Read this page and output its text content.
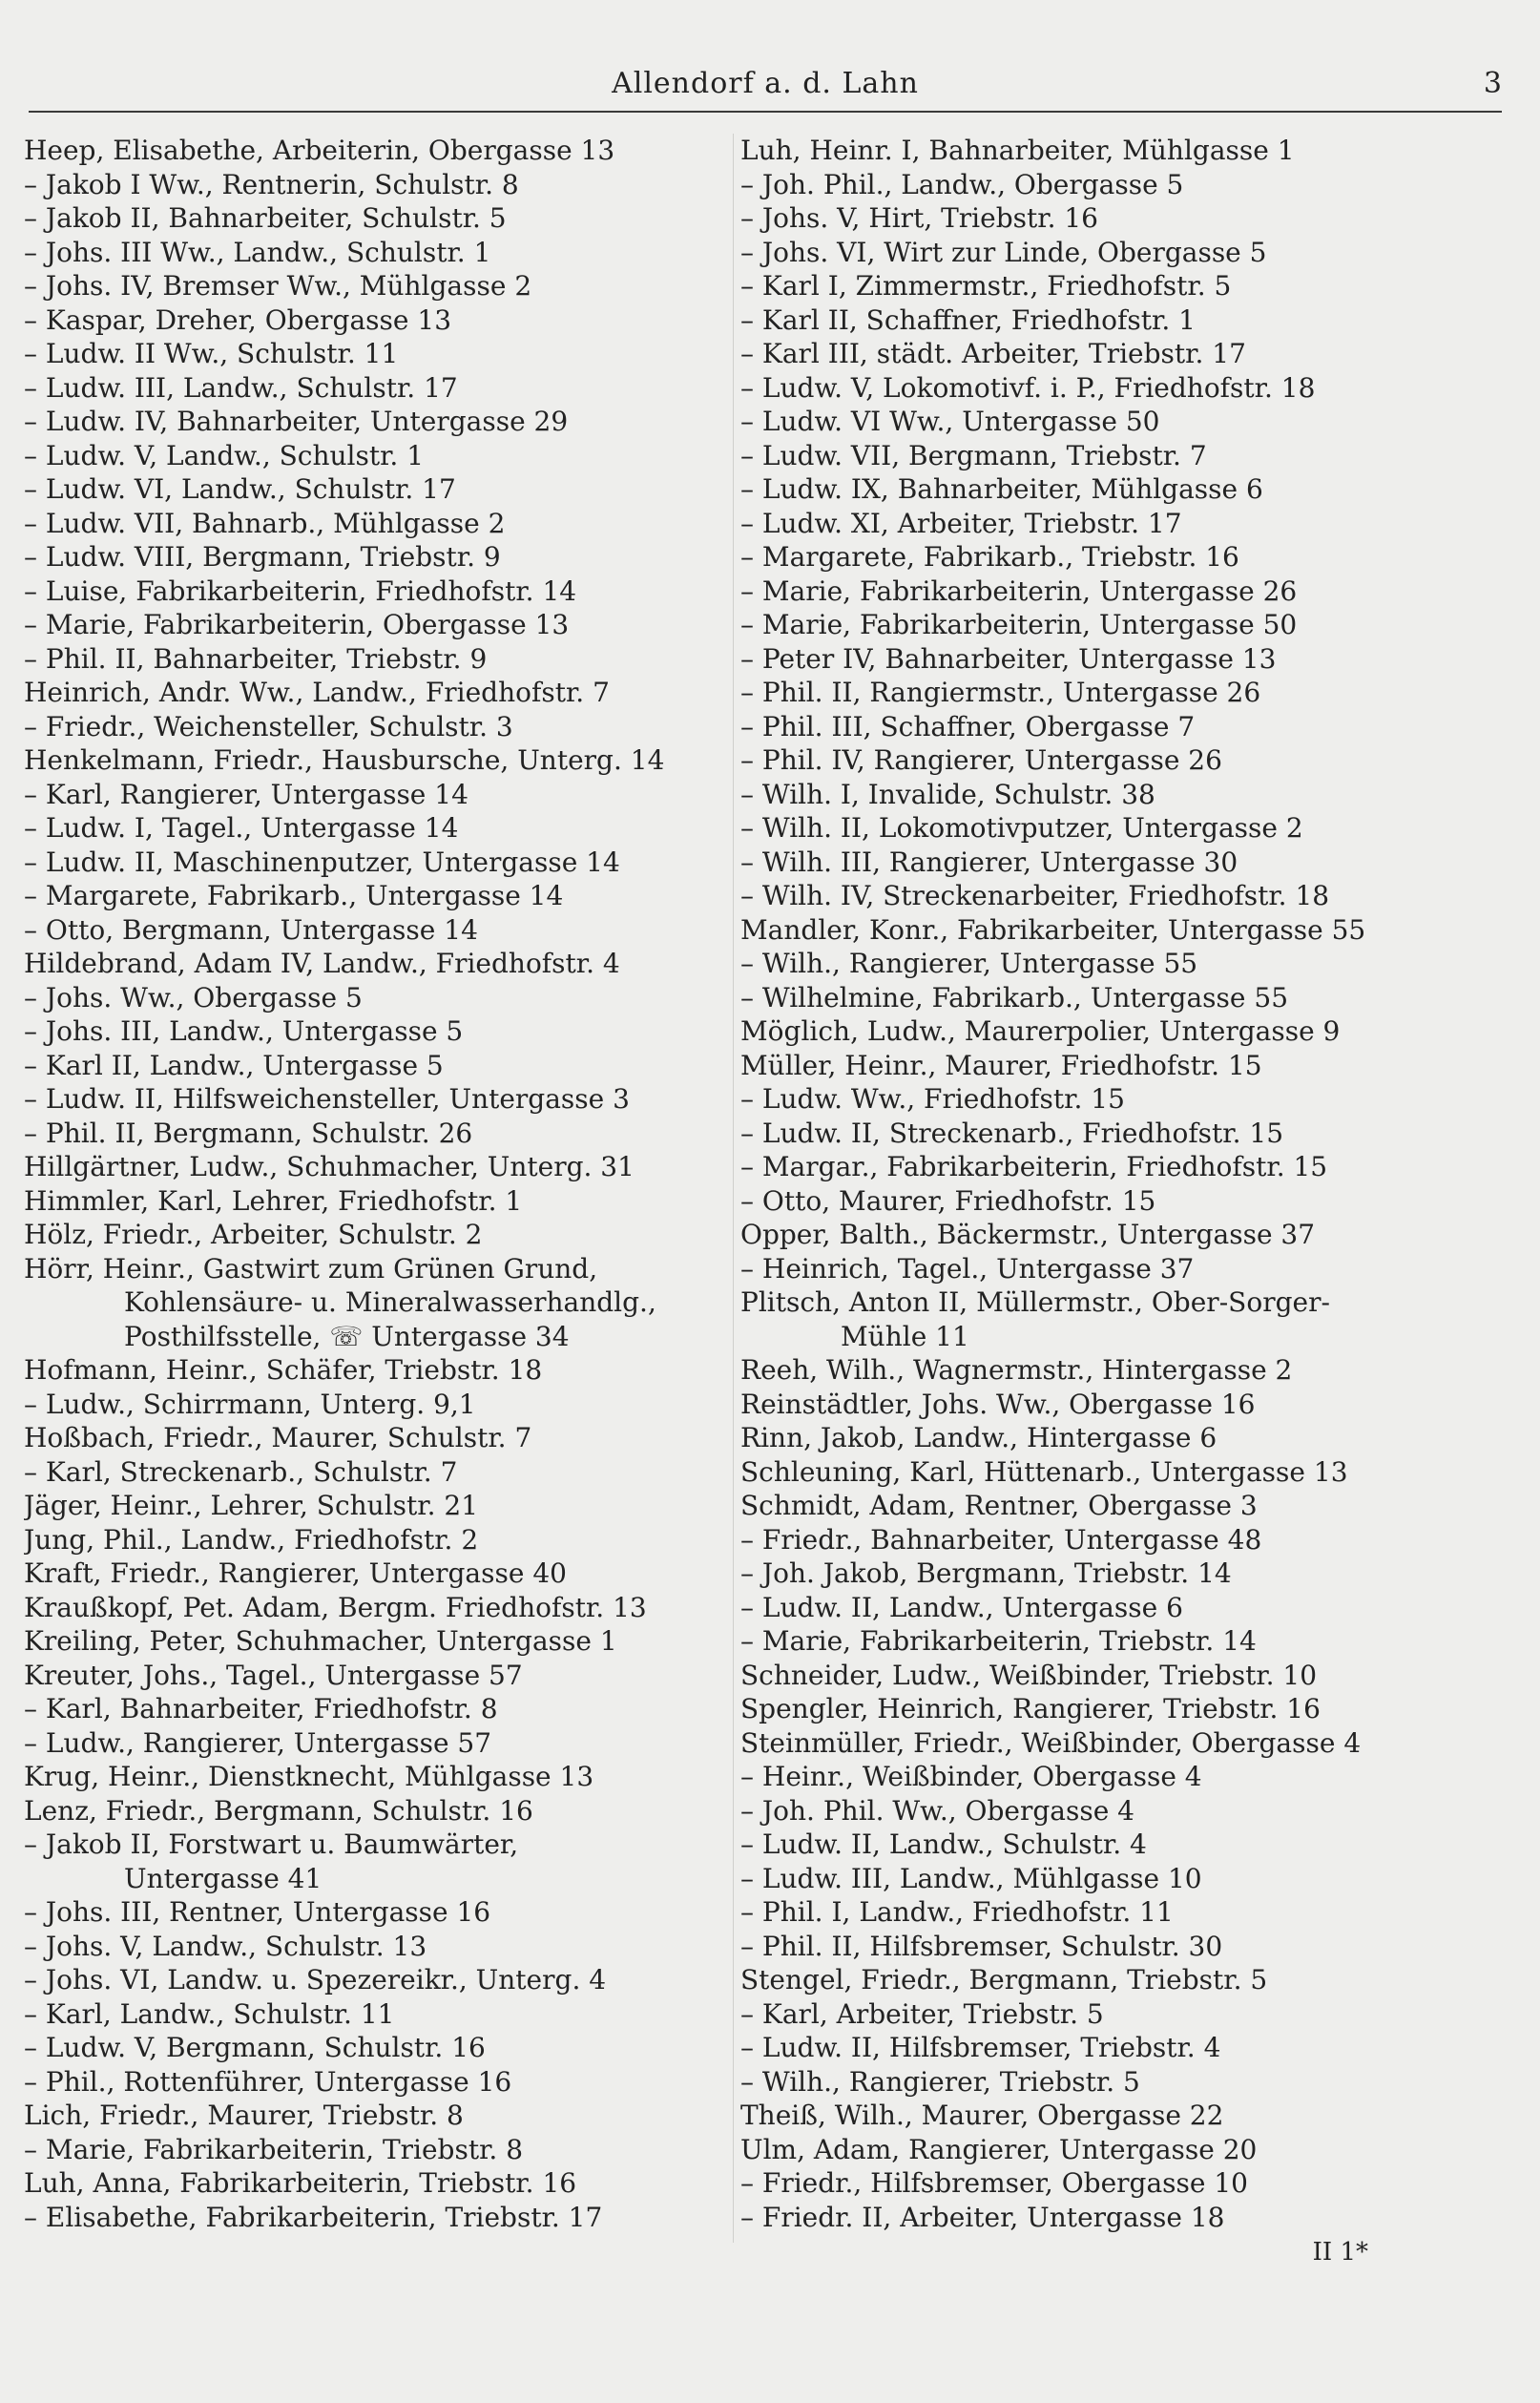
Allendorf a. d. Lahn	3
Heep, Elisabethe, Arbeiterin, Obergasse 13
– Jakob I Ww., Rentnerin, Schulstr. 8
– Jakob II, Bahnarbeiter, Schulstr. 5
– Johs. III Ww., Landw., Schulstr. 1
– Johs. IV, Bremser Ww., Mühlgasse 2
– Kaspar, Dreher, Obergasse 13
– Ludw. II Ww., Schulstr. 11
– Ludw. III, Landw., Schulstr. 17
– Ludw. IV, Bahnarbeiter, Untergasse 29
– Ludw. V, Landw., Schulstr. 1
– Ludw. VI, Landw., Schulstr. 17
– Ludw. VII, Bahnarb., Mühlgasse 2
– Ludw. VIII, Bergmann, Triebstr. 9
– Luise, Fabrikarbeiterin, Friedhofstr. 14
– Marie, Fabrikarbeiterin, Obergasse 13
– Phil. II, Bahnarbeiter, Triebstr. 9
Heinrich, Andr. Ww., Landw., Friedhofstr. 7
– Friedr., Weichensteller, Schulstr. 3
Henkelmann, Friedr., Hausbursche, Unterg. 14
– Karl, Rangierer, Untergasse 14
– Ludw. I, Tagel., Untergasse 14
– Ludw. II, Maschinenputzer, Untergasse 14
– Margarete, Fabrikarb., Untergasse 14
– Otto, Bergmann, Untergasse 14
Hildebrand, Adam IV, Landw., Friedhofstr. 4
– Johs. Ww., Obergasse 5
– Johs. III, Landw., Untergasse 5
– Karl II, Landw., Untergasse 5
– Ludw. II, Hilfsweichensteller, Untergasse 3
– Phil. II, Bergmann, Schulstr. 26
Hillgärtner, Ludw., Schuhmacher, Unterg. 31
Himmler, Karl, Lehrer, Friedhofstr. 1
Hölz, Friedr., Arbeiter, Schulstr. 2
Hörr, Heinr., Gastwirt zum Grünen Grund,
Kohlensäure- u. Mineralwasserhandlg.,
Posthilfsstelle, ☏ Untergasse 34
Hofmann, Heinr., Schäfer, Triebstr. 18
– Ludw., Schirrmann, Unterg. 9,1
Hoßbach, Friedr., Maurer, Schulstr. 7
– Karl, Streckenarb., Schulstr. 7
Jäger, Heinr., Lehrer, Schulstr. 21
Jung, Phil., Landw., Friedhofstr. 2
Kraft, Friedr., Rangierer, Untergasse 40
Kraußkopf, Pet. Adam, Bergm. Friedhofstr. 13
Kreiling, Peter, Schuhmacher, Untergasse 1
Kreuter, Johs., Tagel., Untergasse 57
– Karl, Bahnarbeiter, Friedhofstr. 8
– Ludw., Rangierer, Untergasse 57
Krug, Heinr., Dienstknecht, Mühlgasse 13
Lenz, Friedr., Bergmann, Schulstr. 16
– Jakob II, Forstwart u. Baumwärter,
Untergasse 41
– Johs. III, Rentner, Untergasse 16
– Johs. V, Landw., Schulstr. 13
– Johs. VI, Landw. u. Spezereikr., Unterg. 4
– Karl, Landw., Schulstr. 11
– Ludw. V, Bergmann, Schulstr. 16
– Phil., Rottenführer, Untergasse 16
Lich, Friedr., Maurer, Triebstr. 8
– Marie, Fabrikarbeiterin, Triebstr. 8
Luh, Anna, Fabrikarbeiterin, Triebstr. 16
– Elisabethe, Fabrikarbeiterin, Triebstr. 17
Luh, Heinr. I, Bahnarbeiter, Mühlgasse 1
– Joh. Phil., Landw., Obergasse 5
– Johs. V, Hirt, Triebstr. 16
– Johs. VI, Wirt zur Linde, Obergasse 5
– Karl I, Zimmermstr., Friedhofstr. 5
– Karl II, Schaffner, Friedhofstr. 1
– Karl III, städt. Arbeiter, Triebstr. 17
– Ludw. V, Lokomotivf. i. P., Friedhofstr. 18
– Ludw. VI Ww., Untergasse 50
– Ludw. VII, Bergmann, Triebstr. 7
– Ludw. IX, Bahnarbeiter, Mühlgasse 6
– Ludw. XI, Arbeiter, Triebstr. 17
– Margarete, Fabrikarb., Triebstr. 16
– Marie, Fabrikarbeiterin, Untergasse 26
– Marie, Fabrikarbeiterin, Untergasse 50
– Peter IV, Bahnarbeiter, Untergasse 13
– Phil. II, Rangiermstr., Untergasse 26
– Phil. III, Schaffner, Obergasse 7
– Phil. IV, Rangierer, Untergasse 26
– Wilh. I, Invalide, Schulstr. 38
– Wilh. II, Lokomotivputzer, Untergasse 2
– Wilh. III, Rangierer, Untergasse 30
– Wilh. IV, Streckenarbeiter, Friedhofstr. 18
Mandler, Konr., Fabrikarbeiter, Untergasse 55
– Wilh., Rangierer, Untergasse 55
– Wilhelmine, Fabrikarb., Untergasse 55
Möglich, Ludw., Maurerpolier, Untergasse 9
Müller, Heinr., Maurer, Friedhofstr. 15
– Ludw. Ww., Friedhofstr. 15
– Ludw. II, Streckenarb., Friedhofstr. 15
– Margar., Fabrikarbeiterin, Friedhofstr. 15
– Otto, Maurer, Friedhofstr. 15
Opper, Balth., Bäckermstr., Untergasse 37
– Heinrich, Tagel., Untergasse 37
Plitsch, Anton II, Müllermstr., Ober-Sorger-
Mühle 11
Reeh, Wilh., Wagnermstr., Hintergasse 2
Reinstädtler, Johs. Ww., Obergasse 16
Rinn, Jakob, Landw., Hintergasse 6
Schleuning, Karl, Hüttenarb., Untergasse 13
Schmidt, Adam, Rentner, Obergasse 3
– Friedr., Bahnarbeiter, Untergasse 48
– Joh. Jakob, Bergmann, Triebstr. 14
– Ludw. II, Landw., Untergasse 6
– Marie, Fabrikarbeiterin, Triebstr. 14
Schneider, Ludw., Weißbinder, Triebstr. 10
Spengler, Heinrich, Rangierer, Triebstr. 16
Steinmüller, Friedr., Weißbinder, Obergasse 4
– Heinr., Weißbinder, Obergasse 4
– Joh. Phil. Ww., Obergasse 4
– Ludw. II, Landw., Schulstr. 4
– Ludw. III, Landw., Mühlgasse 10
– Phil. I, Landw., Friedhofstr. 11
– Phil. II, Hilfsbremser, Schulstr. 30
Stengel, Friedr., Bergmann, Triebstr. 5
– Karl, Arbeiter, Triebstr. 5
– Ludw. II, Hilfsbremser, Triebstr. 4
– Wilh., Rangierer, Triebstr. 5
Theiß, Wilh., Maurer, Obergasse 22
Ulm, Adam, Rangierer, Untergasse 20
– Friedr., Hilfsbremser, Obergasse 10
– Friedr. II, Arbeiter, Untergasse 18
II 1*
